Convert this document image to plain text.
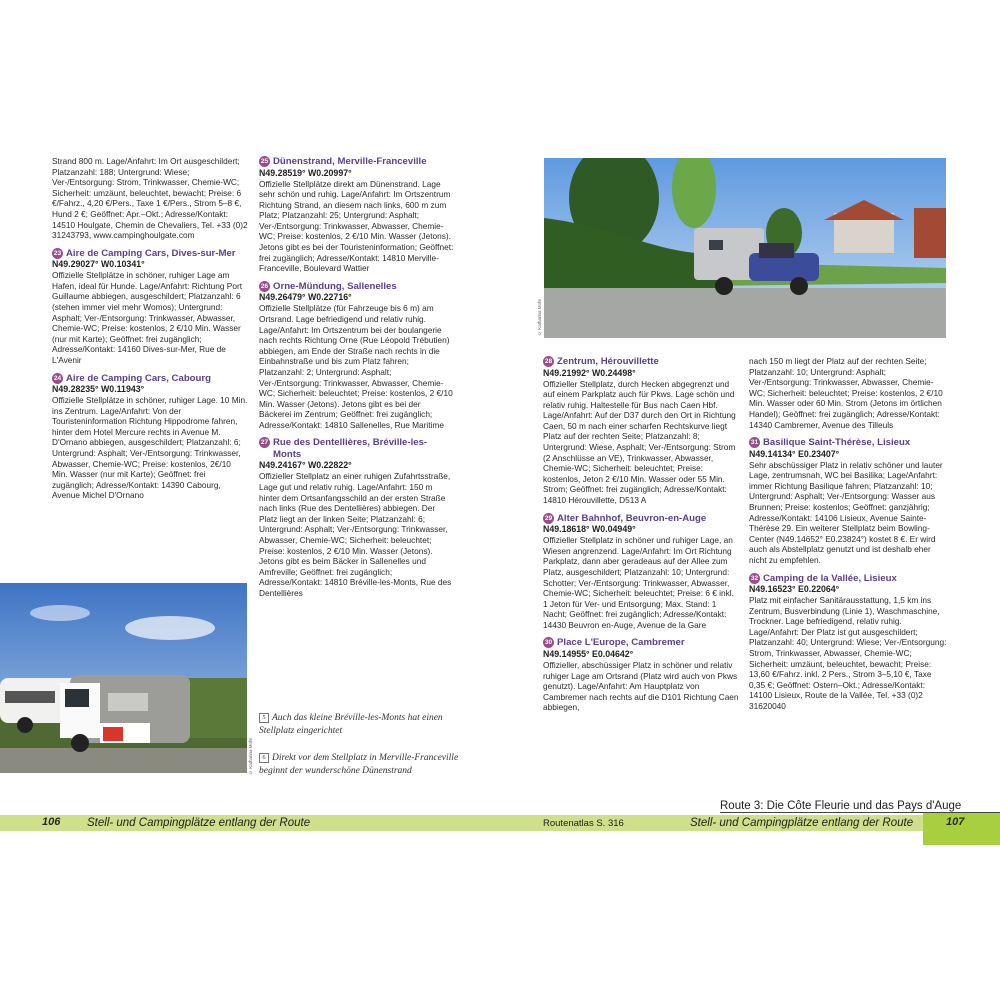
Strand 800 m. Lage/Anfahrt: Im Ort ausgeschildert; Platzanzahl: 188; Untergrund: Wiese; Ver-/Entsorgung: Strom, Trinkwasser, Chemie-WC; Sicherheit: umzäunt, beleuchtet, bewacht; Preise: 6 €/Fahrz., 4,20 €/Pers., Taxe 1 €/Pers., Strom 5–8 €, Hund 2 €; Geöffnet: Apr.–Okt.; Adresse/Kontakt: 14510 Houlgate, Chemin de Chevaliers, Tel. +33 (0)2 31243793, www.campinghoulgate.com
23 Aire de Camping Cars, Dives-sur-Mer
N49.29027° W0.10341°
Offizielle Stellplätze in schöner, ruhiger Lage am Hafen, ideal für Hunde. Lage/Anfahrt: Richtung Port Guillaume abbiegen, ausgeschildert; Platzanzahl: 6 (stehen immer viel mehr Womos); Untergrund: Asphalt; Ver-/Entsorgung: Trinkwasser, Abwasser, Chemie-WC; Preise: kostenlos, 2 €/10 Min. Wasser (nur mit Karte); Geöffnet: frei zugänglich; Adresse/Kontakt: 14160 Dives-sur-Mer, Rue de L'Avenir
24 Aire de Camping Cars, Cabourg
N49.28235° W0.11943°
Offizielle Stellplätze in schöner, ruhiger Lage. 10 Min. ins Zentrum. Lage/Anfahrt: Von der Touristeninformation Richtung Hippodrome fahren, hinter dem Hotel Mercure rechts in Avenue M. D'Ornano abbiegen, ausgeschildert; Platzanzahl: 6; Untergrund: Asphalt; Ver-/Entsorgung: Trinkwasser, Abwasser, Chemie-WC; Preise: kostenlos, 2€/10 Min. Wasser (nur mit Karte); Geöffnet: frei zugänglich; Adresse/Kontakt: 14390 Cabourg, Avenue Michel D'Ornano
25 Dünenstrand, Merville-Franceville
N49.28519° W0.20997°
Offizielle Stellplätze direkt am Dünenstrand. Lage sehr schön und ruhig. Lage/Anfahrt: Im Ortszentrum Richtung Strand, an diesem nach links, 600 m zum Platz; Platzanzahl: 25; Untergrund: Asphalt; Ver-/Entsorgung: Trinkwasser, Abwasser, Chemie-WC; Preise: kostenlos, 2 €/10 Min. Wasser (Jetons). Jetons gibt es bei der Touristeninformation; Geöffnet: frei zugänglich; Adresse/Kontakt: 14810 Merville-Franceville, Boulevard Wattier
26 Orne-Mündung, Sallenelles
N49.26479° W0.22716°
Offizielle Stellplätze (für Fahrzeuge bis 6 m) am Ortsrand. Lage befriedigend und relativ ruhig. Lage/Anfahrt: Im Ortszentrum bei der boulangerie nach rechts Richtung Orne (Rue Léopold Trébutien) abbiegen, am Ende der Straße nach rechts in die Einbahnstraße und bis zum Platz fahren; Platzanzahl: 2; Untergrund: Asphalt; Ver-/Entsorgung: Trinkwasser, Abwasser, Chemie-WC; Sicherheit: beleuchtet; Preise: kostenlos, 2 €/10 Min. Wasser (Jetons). Jetons gibt es bei der Bäckerei im Zentrum; Geöffnet: frei zugänglich; Adresse/Kontakt: 14810 Sallenelles, Rue Maritime
27 Rue des Dentellières, Bréville-les-Monts
N49.24167° W0.22822°
Offizieller Stellplatz an einer ruhigen Zufahrtsstraße, Lage gut und relativ ruhig. Lage/Anfahrt: 150 m hinter dem Ortsanfangsschild an der ersten Straße nach links (Rue des Dentellières) abbiegen. Der Platz liegt an der linken Seite; Platzanzahl: 6; Untergrund: Asphalt; Ver-/Entsorgung: Trinkwasser, Abwasser, Chemie-WC; Sicherheit: beleuchtet; Preise: kostenlos, 2 €/10 Min. Wasser (Jetons). Jetons gibt es beim Bäcker in Sallenelles und Amfreville; Geöffnet: frei zugänglich; Adresse/Kontakt: 14810 Bréville-les-Monts, Rue des Dentellières
© Katharina Mohr
5 Auch das kleine Bréville-les-Monts hat einen Stellplatz eingerichtet
6 Direkt vor dem Stellplatz in Merville-Franceville beginnt der wunderschöne Dünenstrand
106 Stell- und Campingplätze entlang der Route
© Katharina Mohr
28 Zentrum, Hérouvillette
N49.21992° W0.24498°
Offizieller Stellplatz, durch Hecken abgegrenzt und auf einem Parkplatz auch für Pkws. Lage schön und relativ ruhig. Haltestelle für Bus nach Caen Hbf. Lage/Anfahrt: Auf der D37 durch den Ort in Richtung Caen, 50 m nach einer scharfen Rechtskurve liegt Platz auf der rechten Seite; Platzanzahl: 8; Untergrund: Wiese, Asphalt; Ver-/Entsorgung: Strom (2 Anschlüsse an VE), Trinkwasser, Abwasser, Chemie-WC; Sicherheit: beleuchtet; Preise: kostenlos, Jeton 2 €/10 Min. Wasser oder 55 Min. Strom; Geöffnet: frei zugänglich; Adresse/Kontakt: 14810 Hérouvillette, D513 A
29 Alter Bahnhof, Beuvron-en-Auge
N49.18618° W0.04949°
Offizieller Stellplatz in schöner und ruhiger Lage, an Wiesen angrenzend. Lage/Anfahrt: Im Ort Richtung Parkplatz, dann aber geradeaus auf der Allee zum Platz, ausgeschildert; Platzanzahl: 10; Untergrund: Schotter; Ver-/Entsorgung: Trinkwasser, Abwasser, Chemie-WC; Sicherheit: beleuchtet; Preise: 6 € inkl. 1 Jeton für Ver- und Entsorgung; Max. Stand: 1 Nacht; Geöffnet: frei zugänglich; Adresse/Kontakt: 14430 Beuvron en-Auge, Avenue de la Gare
30 Place L'Europe, Cambremer
N49.14955° E0.04642°
Offizieller, abschüssiger Platz in schöner und relativ ruhiger Lage am Ortsrand (Platz wird auch von Pkws genutzt). Lage/Anfahrt: Am Hauptplatz von Cambremer nach rechts auf die D101 Richtung Caen abbiegen,
nach 150 m liegt der Platz auf der rechten Seite; Platzanzahl: 10; Untergrund: Asphalt; Ver-/Entsorgung: Trinkwasser, Abwasser, Chemie-WC; Sicherheit: beleuchtet; Preise: kostenlos, 2 €/10 Min. Wasser oder 60 Min. Strom (Jetons im örtlichen Handel); Geöffnet: frei zugänglich; Adresse/Kontakt: 14340 Cambremer, Avenue des Tilleuls
31 Basilique Saint-Thérèse, Lisieux
N49.14134° E0.23407°
Sehr abschüssiger Platz in relativ schöner und lauter Lage, zentrumsnah, WC bei Basilika; Lage/Anfahrt: immer Richtung Basilique fahren; Platzanzahl: 10; Untergrund: Asphalt; Ver-/Entsorgung: Wasser aus Brunnen; Preise: kostenlos; Geöffnet: ganzjährig; Adresse/Kontakt: 14106 Lisieux, Avenue Sainte-Thérèse 29. Ein weiterer Stellplatz beim Bowling-Center (N49.14652° E0.23824°) kostet 8 €. Er wird auch als Abstellplatz genutzt und ist deshalb eher nicht zu empfehlen.
32 Camping de la Vallée, Lisieux
N49.16523° E0.22064°
Platz mit einfacher Sanitärausstattung, 1,5 km ins Zentrum, Busverbindung (Linie 1), Waschmaschine, Trockner. Lage befriedigend, relativ ruhig. Lage/Anfahrt: Der Platz ist gut ausgeschildert; Platzanzahl: 40; Untergrund: Wiese; Ver-/Entsorgung: Strom, Trinkwasser, Abwasser, Chemie-WC; Sicherheit: umzäunt, beleuchtet, bewacht; Preise: 13,60 €/Fahrz. inkl. 2 Pers., Strom 3–5,10 €, Taxe 0,35 €; Geöffnet: Ostern–Okt.; Adresse/Kontakt: 14100 Lisieux, Route de la Vallée, Tel. +33 (0)2 31620040
Route 3: Die Côte Fleurie und das Pays d'Auge
Routenatlas S. 316	Stell- und Campingplätze entlang der Route	107
